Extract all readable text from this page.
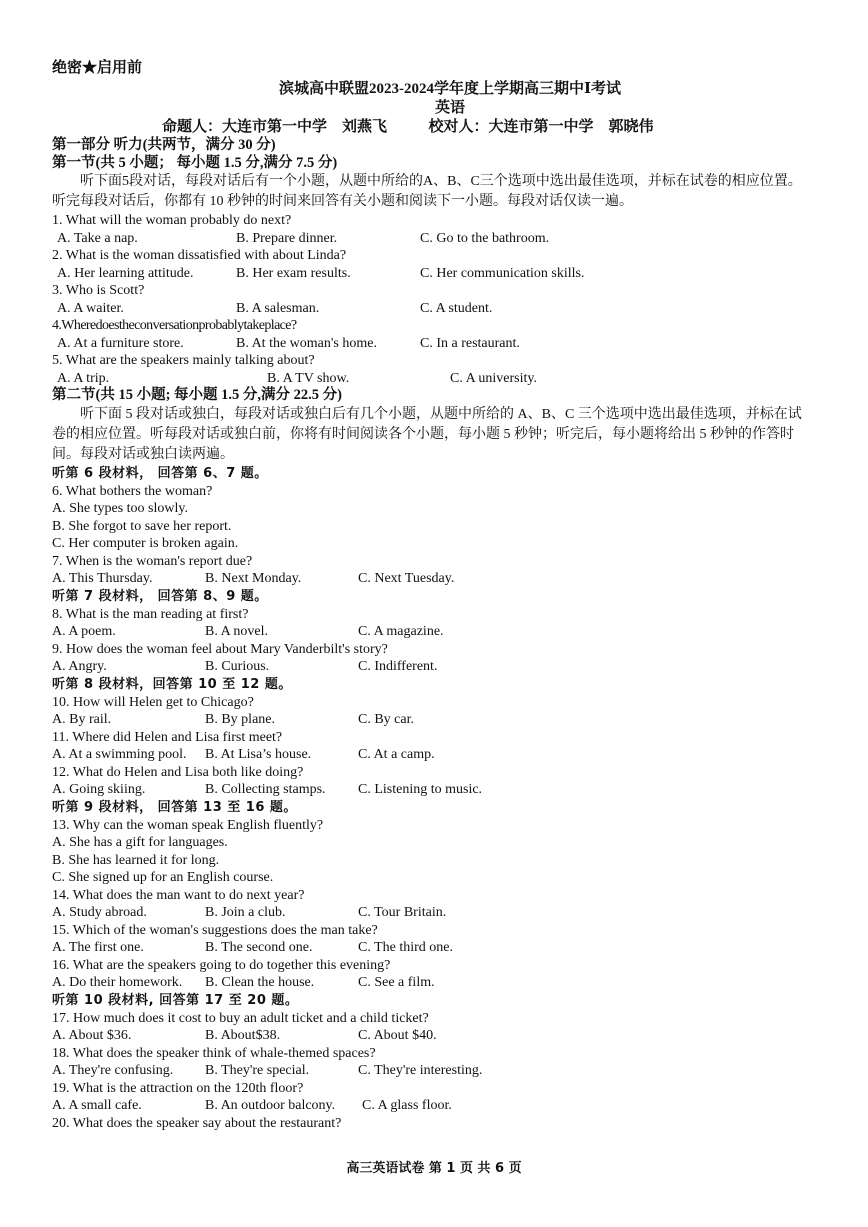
绝密★启用前
滨城高中联盟2023-2024学年度上学期高三期中Ⅰ考试
英语
命题人：大连市第一中学　刘燕飞	校对人：大连市第一中学　郭晓伟
第一部分 听力(共两节，满分 30 分)
第一节(共 5 小题； 每小题 1.5 分,满分 7.5 分)
听下面5段对话，每段对话后有一个小题，从题中所给的A、B、C三个选项中选出最佳选项，并标在试卷的相应位置。听完每段对话后，你都有 10 秒钟的时间来回答有关小题和阅读下一小题。每段对话仅读一遍。
1. What will the woman probably do next?
A. Take a nap.	B. Prepare dinner.	C. Go to the bathroom.
2. What is the woman dissatisfied with about Linda?
A. Her learning attitude.	B. Her exam results.	C. Her communication skills.
3. Who is Scott?
A. A waiter.	B. A salesman.	C. A student.
4.Wheredoestheconversationprobablytakeplace?
A. At a furniture store.	B. At the woman's home.	C. In a restaurant.
5. What are the speakers mainly talking about?
A. A trip.	B. A TV show.	C. A university.
第二节(共 15 小题; 每小题 1.5 分,满分 22.5 分)
听下面 5 段对话或独白，每段对话或独白后有几个小题，从题中所给的 A、B、C 三个选项中选出最佳选项，并标在试卷的相应位置。听每段对话或独白前，你将有时间阅读各个小题，每小题 5 秒钟；听完后，每小题将给出 5 秒钟的作答时间。每段对话或独白读两遍。
听第 6 段材料， 回答第 6、7 题。
6. What bothers the woman?
A. She types too slowly.
B. She forgot to save her report.
C. Her computer is broken again.
7. When is the woman's report due?
A. This Thursday.	B. Next Monday.	C. Next Tuesday.
听第 7 段材料， 回答第 8、9 题。
8. What is the man reading at first?
A. A poem.	B. A novel.	C. A magazine.
9. How does the woman feel about Mary Vanderbilt's story?
A. Angry.	B. Curious.	C. Indifferent.
听第 8 段材料，回答第 10 至 12 题。
10. How will Helen get to Chicago?
A. By rail.	B. By plane.	C. By car.
11. Where did Helen and Lisa first meet?
A. At a swimming pool. B. At Lisa’s house.	C. At a camp.
12. What do Helen and Lisa both like doing?
A. Going skiing.	B. Collecting stamps. C. Listening to music.
听第 9 段材料， 回答第 13 至 16 题。
13. Why can the woman speak English fluently?
A. She has a gift for languages.
B. She has learned it for long.
C. She signed up for an English course.
14. What does the man want to do next year?
A. Study abroad.	B. Join a club.	C. Tour Britain.
15. Which of the woman's suggestions does the man take?
A. The first one.	B. The second one.	C. The third one.
16. What are the speakers going to do together this evening?
A. Do their homework. B. Clean the house.	C. See a film.
听第 10 段材料, 回答第 17 至 20 题。
17. How much does it cost to buy an adult ticket and a child ticket?
A. About $36.	B. About$38.	C. About $40.
18. What does the speaker think of whale-themed spaces?
A. They're confusing. B. They're special.	C. They're interesting.
19. What is the attraction on the 120th floor?
A. A small cafe.	B. An outdoor balcony. C. A glass floor.
20. What does the speaker say about the restaurant?
高三英语试卷 第 1 页 共 6 页
